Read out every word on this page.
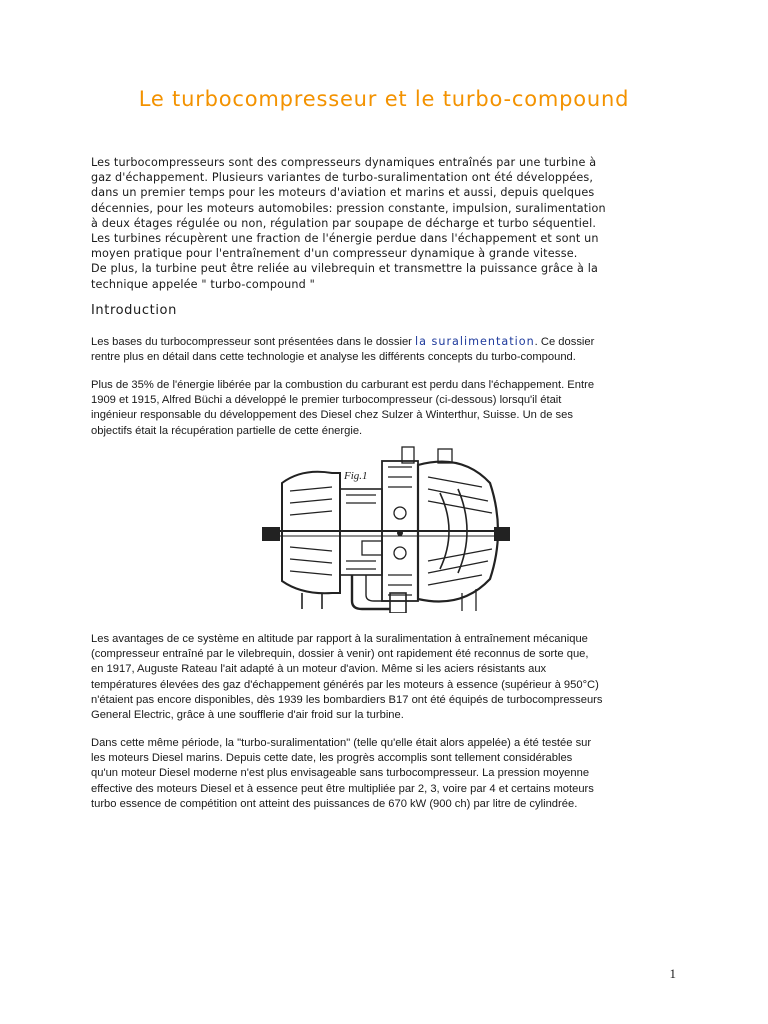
Le turbocompresseur et le turbo-compound
Les turbocompresseurs sont des compresseurs dynamiques entraînés par une turbine à
gaz d'échappement. Plusieurs variantes de turbo-suralimentation ont été développées,
dans un premier temps pour les moteurs d'aviation et marins et aussi, depuis quelques
décennies, pour les moteurs automobiles: pression constante, impulsion, suralimentation
à deux étages régulée ou non, régulation par soupape de décharge et turbo séquentiel.
Les turbines récupèrent une fraction de l'énergie perdue dans l'échappement et sont un
moyen pratique pour l'entraînement d'un compresseur dynamique à grande vitesse.
De plus, la turbine peut être reliée au vilebrequin et transmettre la puissance grâce à la
technique appelée " turbo-compound "
Introduction
Les bases du turbocompresseur sont présentées dans le dossier la suralimentation. Ce dossier
rentre plus en détail dans cette technologie et analyse les différents concepts du turbo-compound.
Plus de 35% de l'énergie libérée par la combustion du carburant est perdu dans l'échappement. Entre
1909 et 1915, Alfred Büchi a développé le premier turbocompresseur (ci-dessous) lorsqu'il était
ingénieur responsable du développement des Diesel chez Sulzer à Winterthur, Suisse. Un de ses
objectifs était la récupération partielle de cette énergie.
Fig.1
Les avantages de ce système en altitude par rapport à la suralimentation à entraînement mécanique
(compresseur entraîné par le vilebrequin, dossier à venir) ont rapidement été reconnus de sorte que,
en 1917, Auguste Rateau l'ait adapté à un moteur d'avion. Même si les aciers résistants aux
températures élevées des gaz d'échappement générés par les moteurs à essence (supérieur à 950°C)
n'étaient pas encore disponibles, dès 1939 les bombardiers B17 ont été équipés de turbocompresseurs
General Electric, grâce à une soufflerie d'air froid sur la turbine.
Dans cette même période, la "turbo-suralimentation" (telle qu'elle était alors appelée) a été testée sur
les moteurs Diesel marins. Depuis cette date, les progrès accomplis sont tellement considérables
qu'un moteur Diesel moderne n'est plus envisageable sans turbocompresseur. La pression moyenne
effective des moteurs Diesel et à essence peut être multipliée par 2, 3, voire par 4 et certains moteurs
turbo essence de compétition ont atteint des puissances de 670 kW (900 ch) par litre de cylindrée.

1
